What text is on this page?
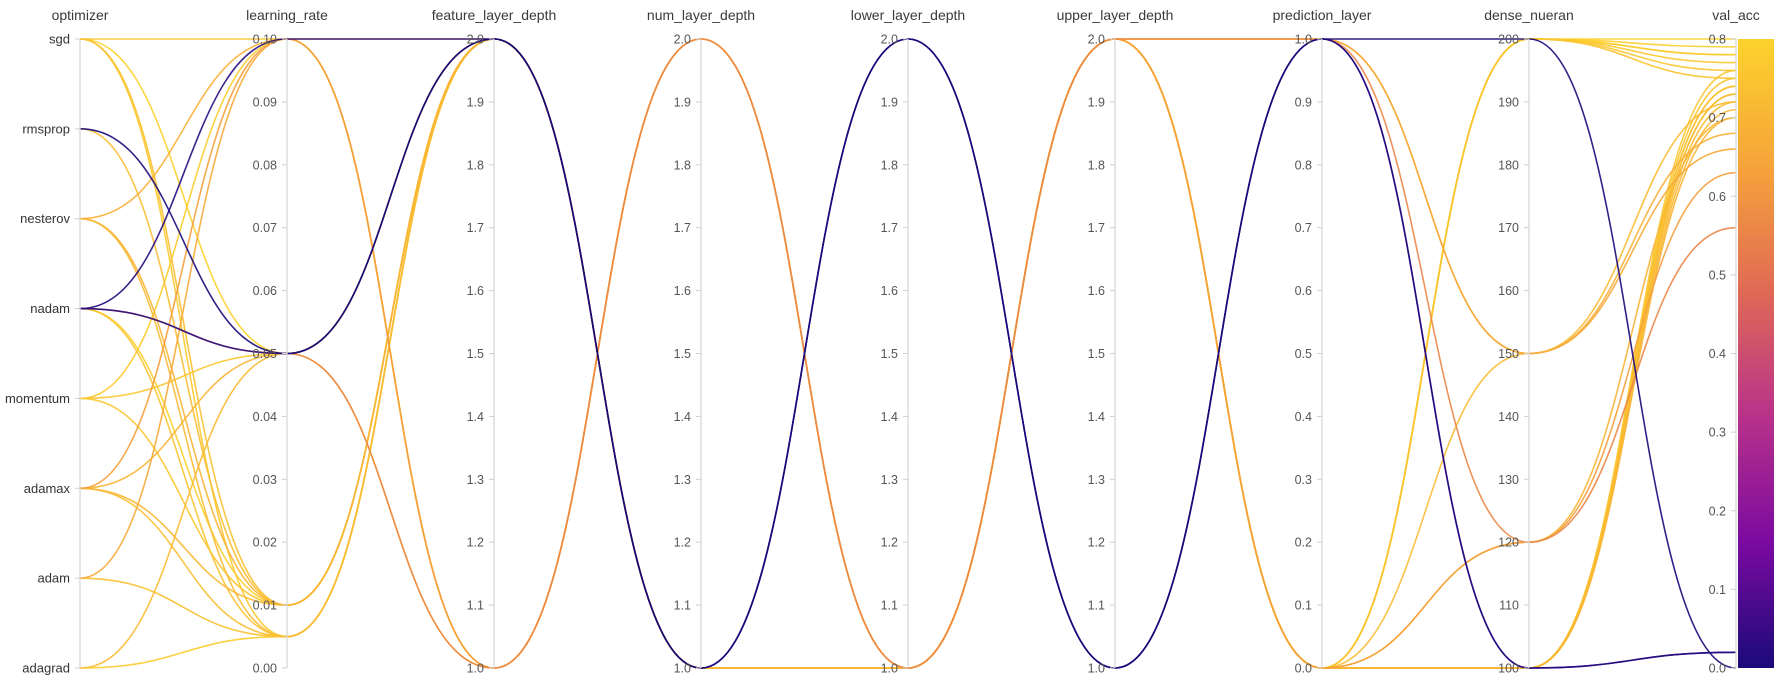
optimizer
sgd
rmsprop
nesterov
nadam
momentum
adamax
adam
adagrad
learning_rate
0.00
0.01
0.02
0.03
0.04
0.05
0.06
0.07
0.08
0.09
0.10
feature_layer_depth
1.0
1.1
1.2
1.3
1.4
1.5
1.6
1.7
1.8
1.9
2.0
num_layer_depth
1.0
1.1
1.2
1.3
1.4
1.5
1.6
1.7
1.8
1.9
2.0
lower_layer_depth
1.0
1.1
1.2
1.3
1.4
1.5
1.6
1.7
1.8
1.9
2.0
upper_layer_depth
1.0
1.1
1.2
1.3
1.4
1.5
1.6
1.7
1.8
1.9
2.0
prediction_layer
0.0
0.1
0.2
0.3
0.4
0.5
0.6
0.7
0.8
0.9
1.0
dense_nueran
100
110
120
130
140
150
160
170
180
190
200
val_acc
0.0
0.1
0.2
0.3
0.4
0.5
0.6
0.7
0.8
